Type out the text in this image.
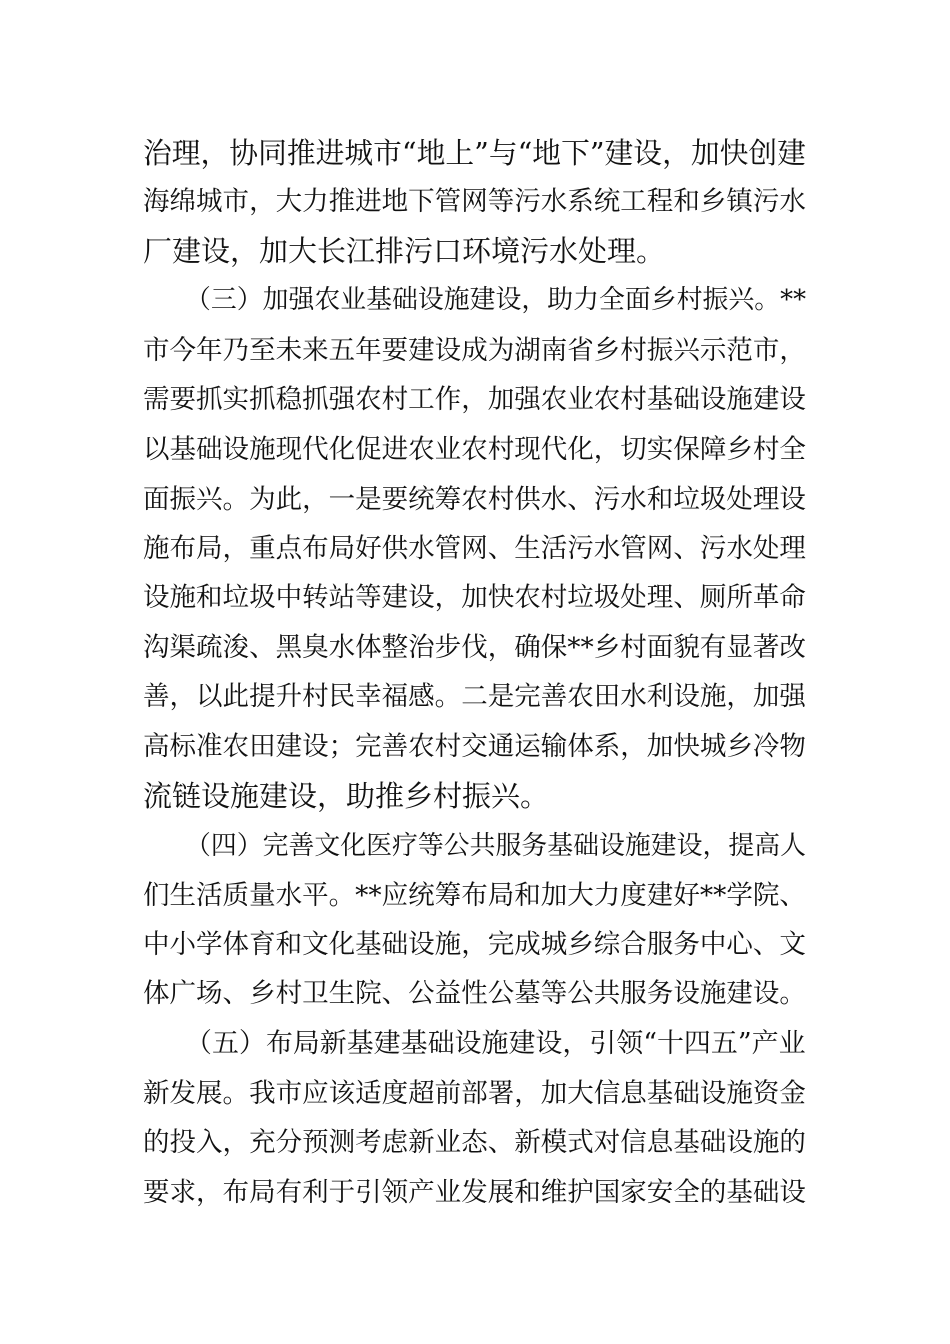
治理，协同推进城市“地上”与“地下”建设，加快创建
海绵城市，大力推进地下管网等污水系统工程和乡镇污水
厂建设，加大长江排污口环境污水处理。
（三）加强农业基础设施建设，助力全面乡村振兴。**
市今年乃至未来五年要建设成为湖南省乡村振兴示范市，
需要抓实抓稳抓强农村工作，加强农业农村基础设施建设
以基础设施现代化促进农业农村现代化，切实保障乡村全
面振兴。为此，一是要统筹农村供水、污水和垃圾处理设
施布局，重点布局好供水管网、生活污水管网、污水处理
设施和垃圾中转站等建设，加快农村垃圾处理、厕所革命
沟渠疏浚、黑臭水体整治步伐，确保**乡村面貌有显著改
善，以此提升村民幸福感。二是完善农田水利设施，加强
高标准农田建设；完善农村交通运输体系，加快城乡冷物
流链设施建设，助推乡村振兴。
（四）完善文化医疗等公共服务基础设施建设，提高人
们生活质量水平。**应统筹布局和加大力度建好**学院、
中小学体育和文化基础设施，完成城乡综合服务中心、文
体广场、乡村卫生院、公益性公墓等公共服务设施建设。
（五）布局新基建基础设施建设，引领“十四五”产业
新发展。我市应该适度超前部署，加大信息基础设施资金
的投入，充分预测考虑新业态、新模式对信息基础设施的
要求，布局有利于引领产业发展和维护国家安全的基础设
